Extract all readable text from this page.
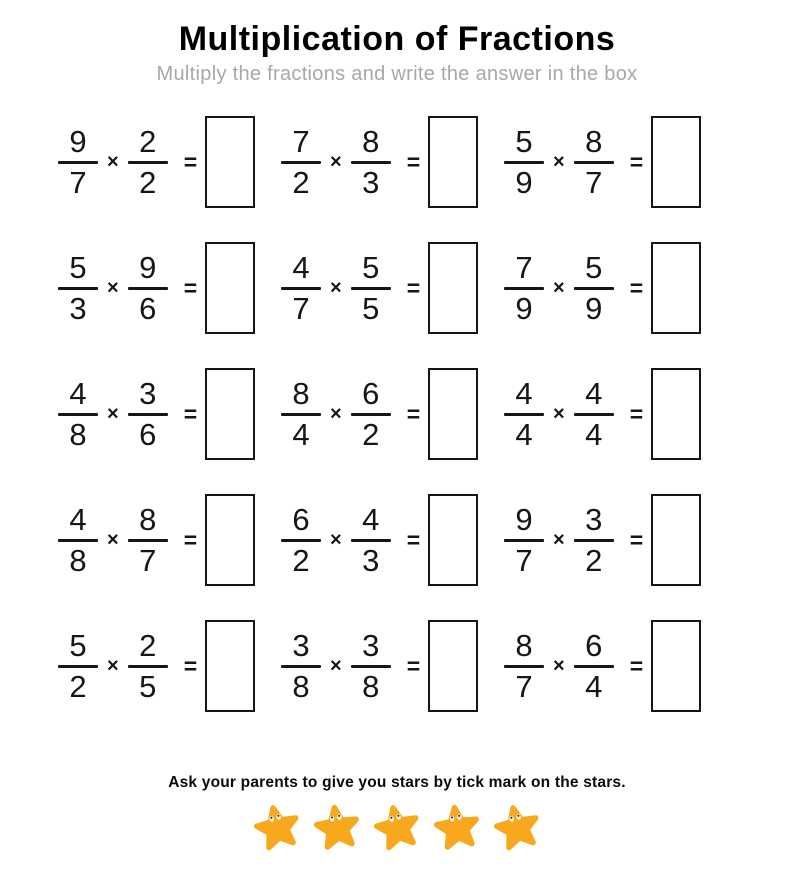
Multiplication of Fractions
Multiply the fractions and write the answer in the box
$\frac{9}{7} \times \frac{2}{2}$ =	$\frac{7}{2} \times \frac{8}{3}$ =	$\frac{5}{9} \times \frac{8}{7}$ =
$\frac{5}{3} \times \frac{9}{6}$ =	$\frac{4}{7} \times \frac{5}{5}$ =	$\frac{7}{9} \times \frac{5}{9}$ =
$\frac{4}{8} \times \frac{3}{6}$ =	$\frac{8}{4} \times \frac{6}{2}$ =	$\frac{4}{4} \times \frac{4}{4}$ =
$\frac{4}{8} \times \frac{8}{7}$ =	$\frac{6}{2} \times \frac{4}{3}$ =	$\frac{9}{7} \times \frac{3}{2}$ =
$\frac{5}{2} \times \frac{2}{5}$ =	$\frac{3}{8} \times \frac{3}{8}$ =	$\frac{8}{7} \times \frac{6}{4}$ =
Ask your parents to give you stars by tick mark on the stars.
